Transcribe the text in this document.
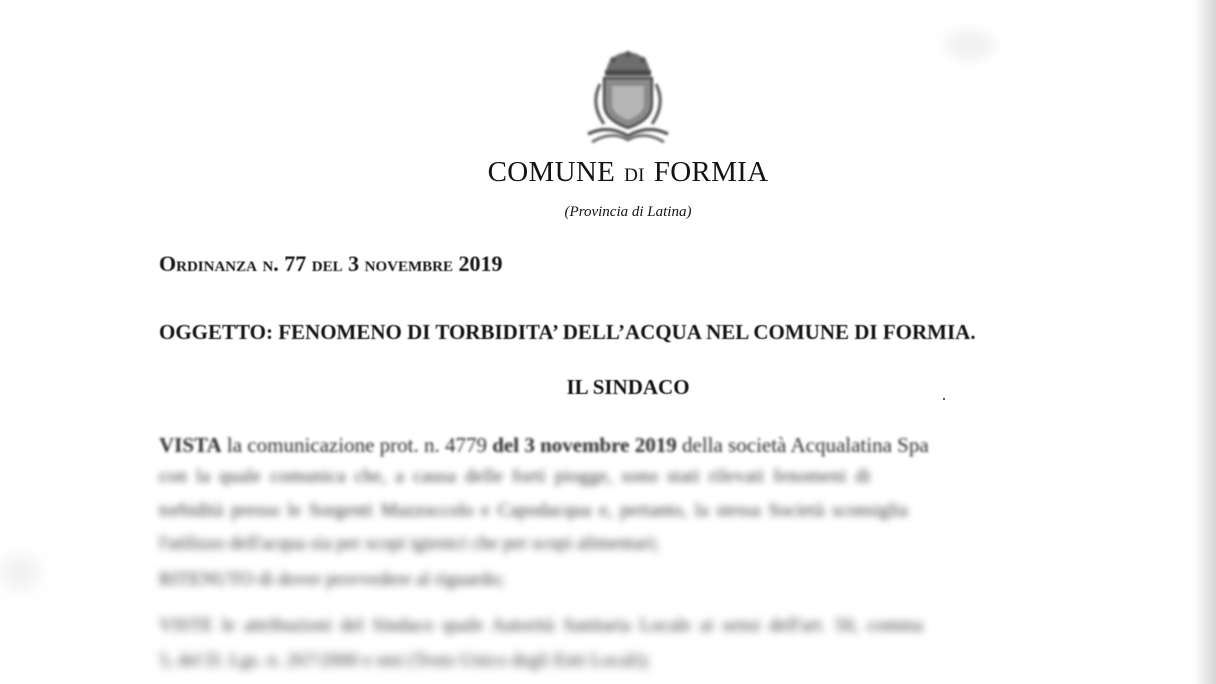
COMUNE DI FORMIA
(Provincia di Latina)
Ordinanza n. 77 del 3 novembre 2019
OGGETTO: FENOMENO DI TORBIDITA’ DELL’ACQUA NEL COMUNE DI FORMIA.
IL SINDACO
VISTA la comunicazione prot. n. 4779 del 3 novembre 2019 della società Acqualatina Spa
con la quale comunica che, a causa delle forti piogge, sono stati rilevati fenomeni di
torbidità presso le Sorgenti Mazzoccolo e Capodacqua e, pertanto, la stessa Società sconsiglia
l'utilizzo dell'acqua sia per scopi igienici che per scopi alimentari;
RITENUTO di dover provvedere al riguardo;
VISTE le attribuzioni del Sindaco quale Autorità Sanitaria Locale ai sensi dell'art. 50, comma
5, del D. Lgs. n. 267/2000 e smi (Testo Unico degli Enti Locali);
